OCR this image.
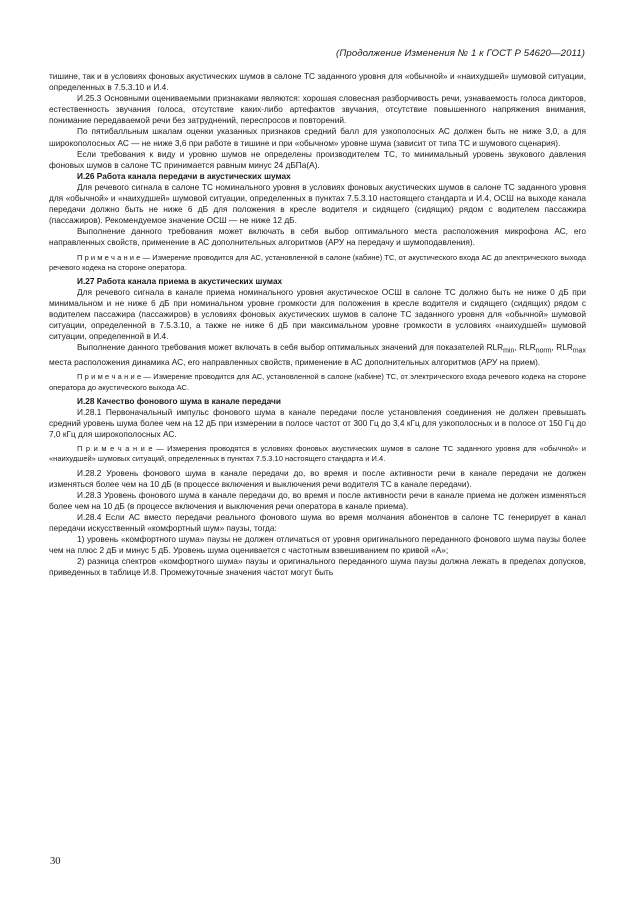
(Продолжение Изменения № 1 к ГОСТ Р 54620—2011)

тишине, так и в условиях фоновых акустических шумов в салоне ТС заданного уровня для «обычной» и «наихудшей» шумовой ситуации, определенных в 7.5.3.10 и И.4.

И.25.3 Основными оцениваемыми признаками являются: хорошая словесная разборчивость речи, узнаваемость голоса дикторов, естественность звучания голоса, отсутствие каких-либо артефактов звучания, отсутствие повышенного напряжения внимания, понимание передаваемой речи без затруднений, переспросов и повторений.

По пятибалльным шкалам оценки указанных признаков средний балл для узкополосных АС должен быть не ниже 3,0, а для широкополосных АС — не ниже 3,6 при работе в тишине и при «обычном» уровне шума (зависит от типа ТС и шумового сценария).

Если требования к виду и уровню шумов не определены производителем ТС, то минимальный уровень звукового давления фоновых шумов в салоне ТС принимается равным минус 24 дБПа(А).

И.26 Работа канала передачи в акустических шумах

Для речевого сигнала в салоне ТС номинального уровня в условиях фоновых акустических шумов в салоне ТС заданного уровня для «обычной» и «наихудшей» шумовой ситуации, определенных в пунктах 7.5.3.10 настоящего стандарта и И.4, ОСШ на выходе канала передачи должно быть не ниже 6 дБ для положения в кресле водителя и сидящего (сидящих) рядом с водителем пассажира (пассажиров). Рекомендуемое значение ОСШ — не ниже 12 дБ.

Выполнение данного требования может включать в себя выбор оптимального места расположения микрофона АС, его направленных свойств, применение в АС дополнительных алгоритмов (АРУ на передачу и шумоподавления).

П р и м е ч а н и е — Измерение проводится для АС, установленной в салоне (кабине) ТС, от акустического входа АС до электрического выхода речевого кодека на стороне оператора.

И.27 Работа канала приема в акустических шумах

Для речевого сигнала в канале приема номинального уровня акустическое ОСШ в салоне ТС должно быть не ниже 0 дБ при минимальном и не ниже 6 дБ при номинальном уровне громкости для положения в кресле водителя и сидящего (сидящих) рядом с водителем пассажира (пассажиров) в условиях фоновых акустических шумов в салоне ТС заданного уровня для «обычной» шумовой ситуации, определенной в 7.5.3.10, а также не ниже 6 дБ при максимальном уровне громкости в условиях «наихудшей» шумовой ситуации, определенной в И.4.

Выполнение данного требования может включать в себя выбор оптимальных значений для показателей $RLR_{min}$, $RLR_{norm}$, $RLR_{max}$ места расположения динамика АС, его направленных свойств, применение в АС дополнительных алгоритмов (АРУ на прием).

П р и м е ч а н и е — Измерение проводится для АС, установленной в салоне (кабине) ТС, от электрического входа речевого кодека на стороне оператора до акустического выхода АС.

И.28 Качество фонового шума в канале передачи

И.28.1 Первоначальный импульс фонового шума в канале передачи после установления соединения не должен превышать средний уровень шума более чем на 12 дБ при измерении в полосе частот от 300 Гц до 3,4 кГц для узкополосных и в полосе от 150 Гц до 7,0 кГц для широкополосных АС.

П р и м е ч а н и е — Измерения проводятся в условиях фоновых акустических шумов в салоне ТС заданного уровня для «обычной» и «наихудшей» шумовых ситуаций, определенных в пунктах 7.5.3.10 настоящего стандарта и И.4.

И.28.2 Уровень фонового шума в канале передачи до, во время и после активности речи в канале передачи не должен изменяться более чем на 10 дБ (в процессе включения и выключения речи водителя ТС в канале передачи).

И.28.3 Уровень фонового шума в канале передачи до, во время и после активности речи в канале приема не должен изменяться более чем на 10 дБ (в процессе включения и выключения речи оператора в канале приема).

И.28.4 Если АС вместо передачи реального фонового шума во время молчания абонентов в салоне ТС генерирует в канал передачи искусственный «комфортный шум» паузы, тогда:

1) уровень «комфортного шума» паузы не должен отличаться от уровня оригинального переданного фонового шума паузы более чем на плюс 2 дБ и минус 5 дБ. Уровень шума оценивается с частотным взвешиванием по кривой «А»;

2) разница спектров «комфортного шума» паузы и оригинального переданного шума паузы должна лежать в пределах допусков, приведенных в таблице И.8. Промежуточные значения частот могут быть

30
